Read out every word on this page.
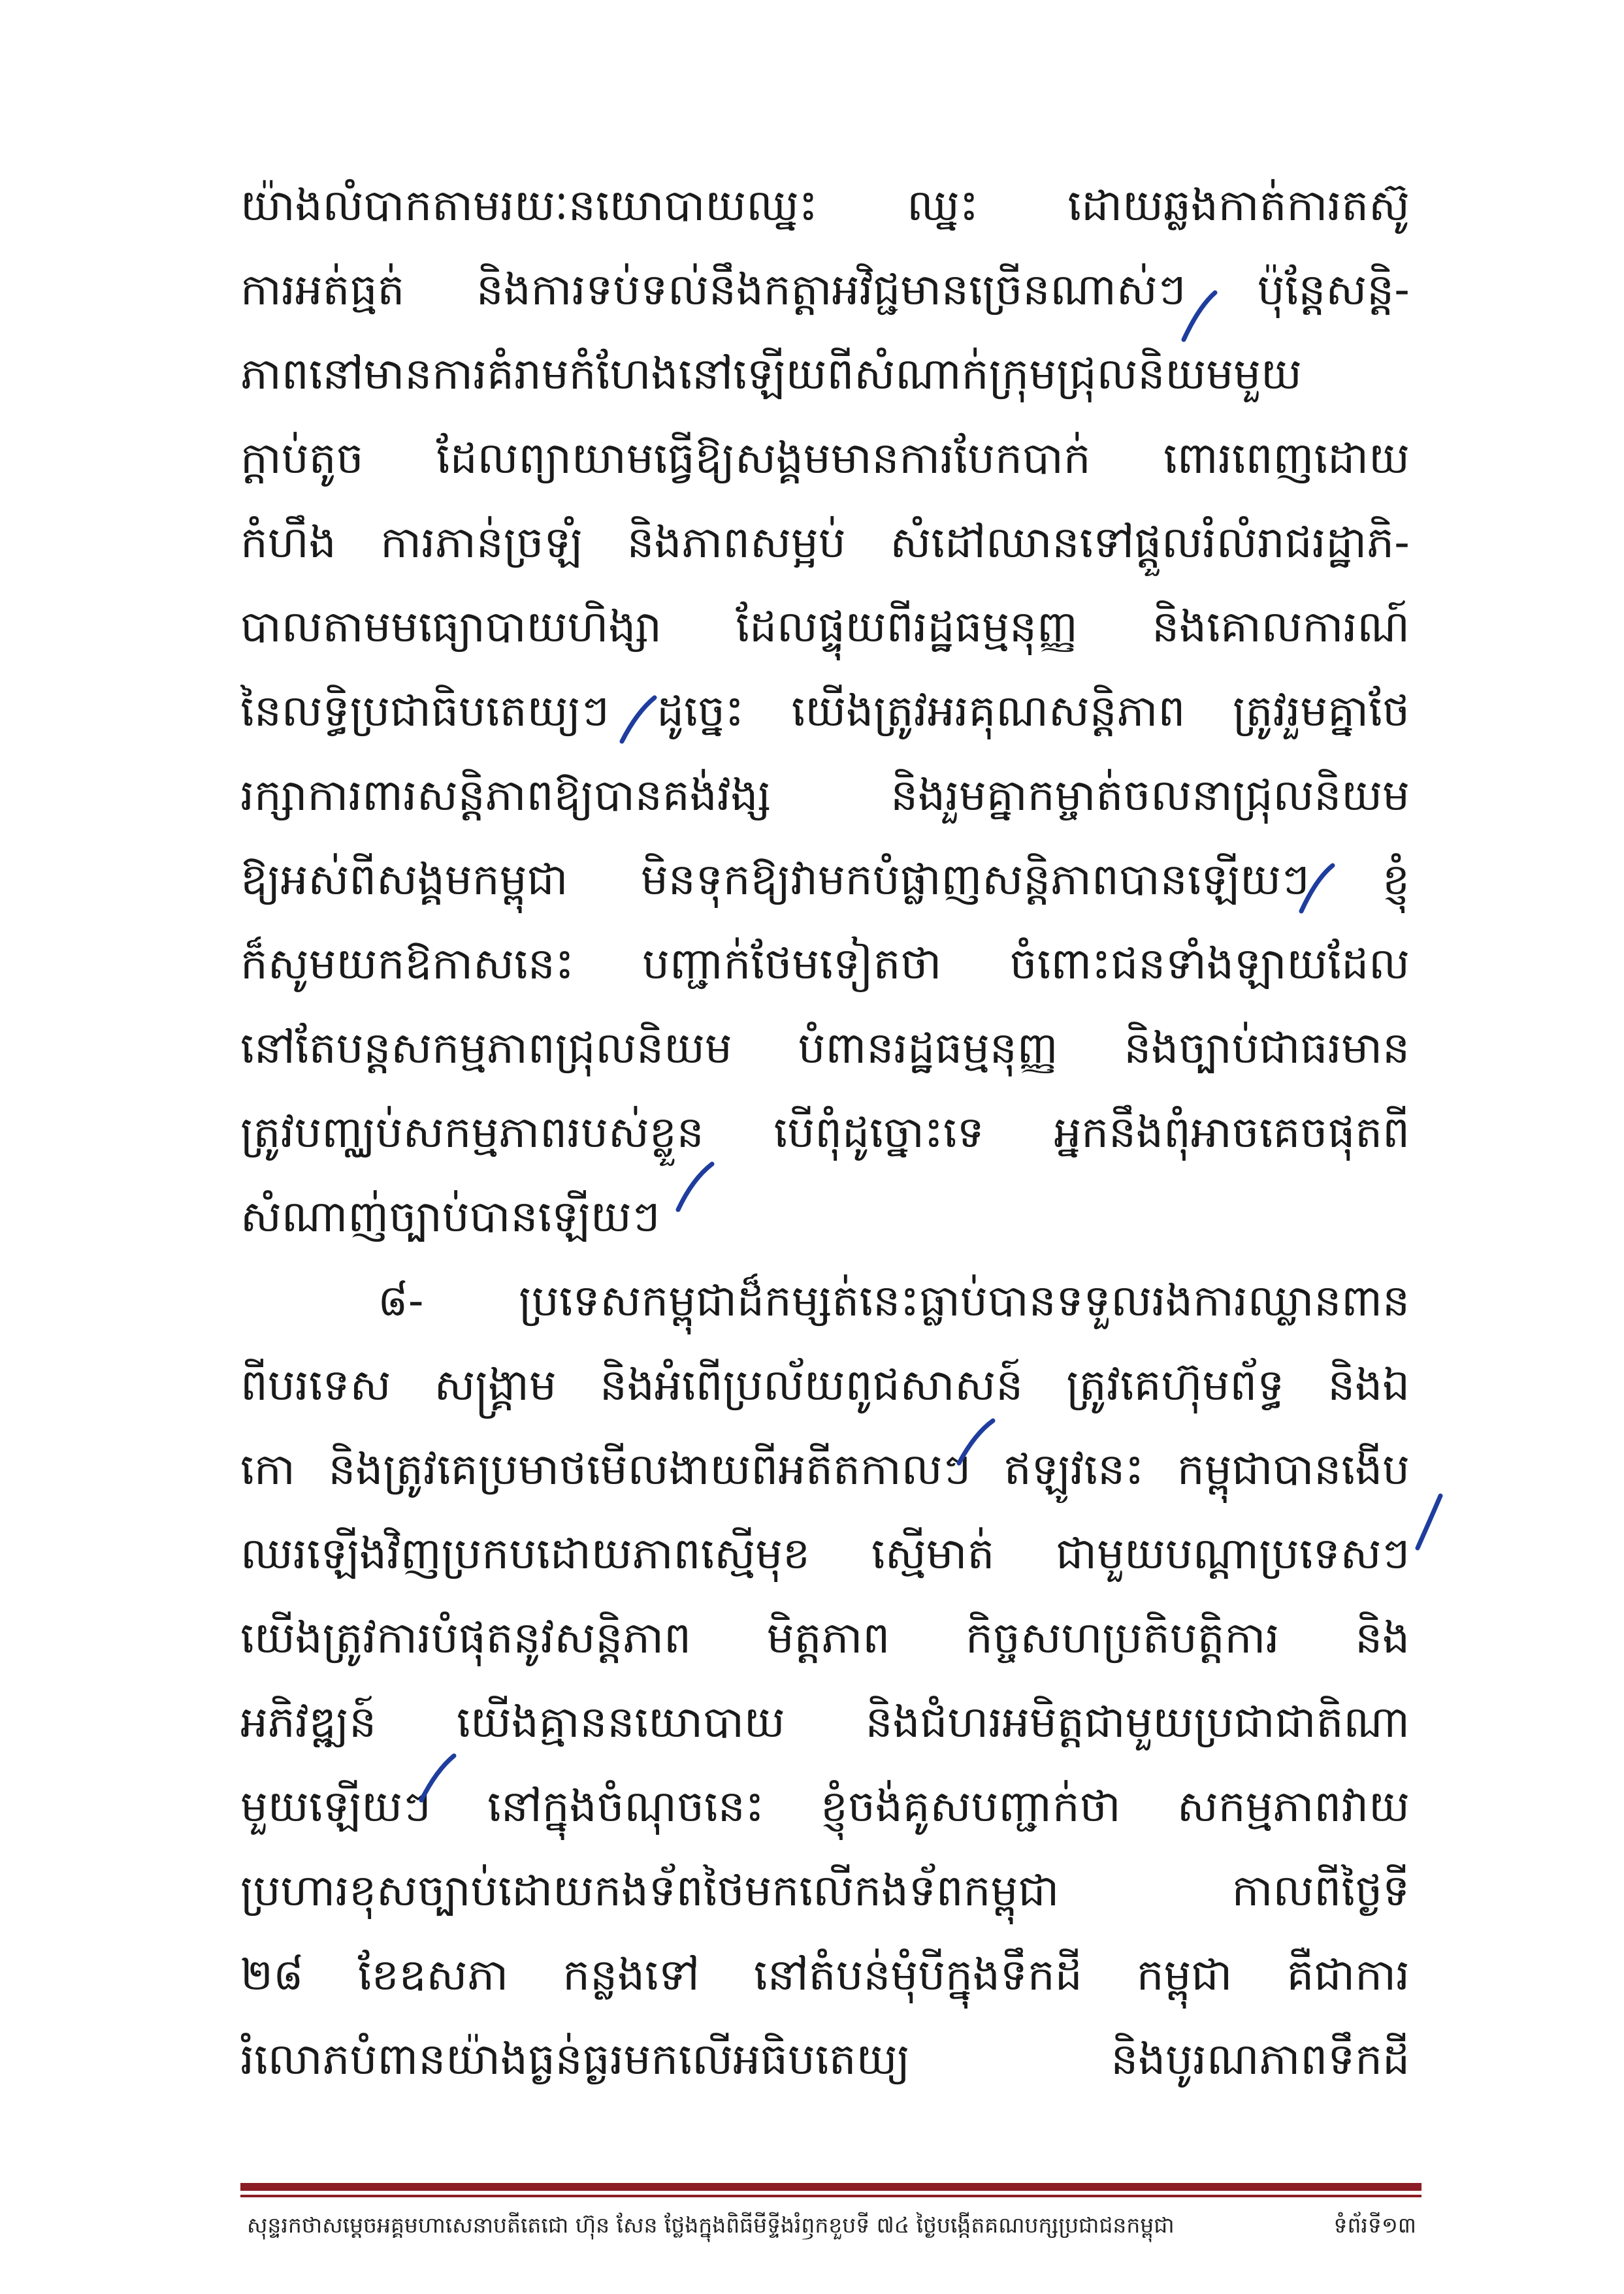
យ៉ាងលំបាកតាមរយៈនយោបាយឈ្នះ ឈ្នះ ដោយឆ្លងកាត់ការតស៊ូ
ការអត់ធ្មត់ និងការទប់ទល់នឹងកត្តាអវិជ្ជមានច្រើនណាស់ៗ ប៉ុន្តែសន្តិ-
ភាពនៅមានការគំរាមកំហែងនៅឡើយពីសំណាក់ក្រុមជ្រុលនិយមមួយ
ក្តាប់តូច ដែលព្យាយាមធ្វើឱ្យសង្គមមានការបែកបាក់ ពោរពេញដោយ
កំហឹង ការភាន់ច្រឡំ និងភាពសម្អប់ សំដៅឈានទៅផ្តួលរំលំរាជរដ្ឋាភិ-
បាលតាមមធ្យោបាយហិង្សា ដែលផ្ទុយពីរដ្ឋធម្មនុញ្ញ និងគោលការណ៍
នៃលទ្ធិប្រជាធិបតេយ្យៗ ដូច្នេះ យើងត្រូវអរគុណសន្តិភាព ត្រូវរួមគ្នាថែ
រក្សាការពារសន្តិភាពឱ្យបានគង់វង្ស និងរួមគ្នាកម្ចាត់ចលនាជ្រុលនិយម
ឱ្យអស់ពីសង្គមកម្ពុជា មិនទុកឱ្យវាមកបំផ្លាញសន្តិភាពបានឡើយៗ ខ្ញុំ
ក៏សូមយកឱកាសនេះ បញ្ជាក់ថែមទៀតថា ចំពោះជនទាំងឡាយដែល
នៅតែបន្តសកម្មភាពជ្រុលនិយម បំពានរដ្ឋធម្មនុញ្ញ និងច្បាប់ជាធរមាន
ត្រូវបញ្ឈប់សកម្មភាពរបស់ខ្លួន បើពុំដូច្នោះទេ អ្នកនឹងពុំអាចគេចផុតពី
សំណាញ់ច្បាប់បានឡើយៗ
៨- ប្រទេសកម្ពុជាដ៏កម្សត់នេះធ្លាប់បានទទួលរងការឈ្លានពាន
ពីបរទេស សង្គ្រាម និងអំពើប្រល័យពូជសាសន៍ ត្រូវគេហ៊ុមព័ទ្ធ និងឯ
កោ និងត្រូវគេប្រមាថមើលងាយពីអតីតកាលៗ ឥឡូវនេះ កម្ពុជាបានងើប
ឈរឡើងវិញប្រកបដោយភាពស្មើមុខ ស្មើមាត់ ជាមួយបណ្តាប្រទេសៗ
យើងត្រូវការបំផុតនូវសន្តិភាព មិត្តភាព កិច្ចសហប្រតិបត្តិការ និង
អភិវឌ្ឍន៍ យើងគ្មាននយោបាយ និងជំហរអមិត្តជាមួយប្រជាជាតិណា
មួយឡើយៗ នៅក្នុងចំណុចនេះ ខ្ញុំចង់គូសបញ្ជាក់ថា សកម្មភាពវាយ
ប្រហារខុសច្បាប់ដោយកងទ័ពថៃមកលើកងទ័ពកម្ពុជា កាលពីថ្ងៃទី
២៨ ខែឧសភា កន្លងទៅ នៅតំបន់មុំបីក្នុងទឹកដី កម្ពុជា គឺជាការ
រំលោភបំពានយ៉ាងធ្ងន់ធ្ងរមកលើអធិបតេយ្យ និងបូរណភាពទឹកដី
សុន្ទរកថាសម្តេចអគ្គមហាសេនាបតីតេជោ ហ៊ុន សែន ថ្លែងក្នុងពិធីមីទ្ទីងរំឭកខួបទី ៧៤ ថ្ងៃបង្កើតគណបក្សប្រជាជនកម្ពុជា	ទំព័រទី១៣
